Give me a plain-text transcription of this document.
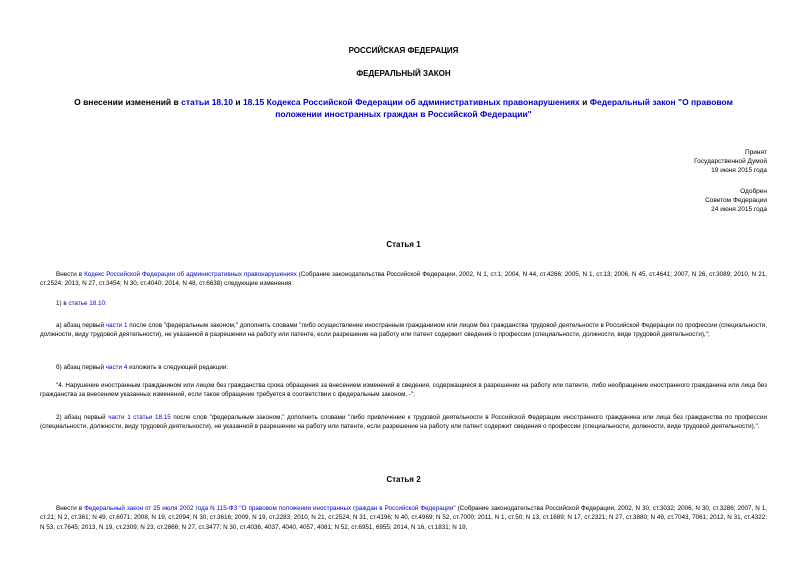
РОССИЙСКАЯ ФЕДЕРАЦИЯ
ФЕДЕРАЛЬНЫЙ ЗАКОН
О внесении изменений в статьи 18.10 и 18.15 Кодекса Российской Федерации об административных правонарушениях и Федеральный закон "О правовом положении иностранных граждан в Российской Федерации"
Принят
Государственной Думой
19 июня 2015 года
Одобрен
Советом Федерации
24 июня 2015 года
Статья 1
Внести в Кодекс Российской Федерации об административных правонарушениях (Собрание законодательства Российской Федерации, 2002, N 1, ст.1; 2004, N 44, ст.4266; 2005, N 1, ст.13; 2006, N 45, ст.4641; 2007, N 26, ст.3089; 2010, N 21, ст.2524; 2013, N 27, ст.3454; N 30, ст.4040; 2014, N 48, ст.6638) следующие изменения:
1) в статье 18.10:
а) абзац первый части 1 после слов "федеральным законом," дополнить словами "либо осуществление иностранным гражданином или лицом без гражданства трудовой деятельности в Российской Федерации по профессии (специальности, должности, виду трудовой деятельности), не указанной в разрешении на работу или патенте, если разрешение на работу или патент содержит сведения о профессии (специальности, должности, виде трудовой деятельности),";
б) абзац первый части 4 изложить в следующей редакции:
"4. Нарушение иностранным гражданином или лицом без гражданства срока обращения за внесением изменений в сведения, содержащиеся в разрешении на работу или патенте, либо необращение иностранного гражданина или лица без гражданства за внесением указанных изменений, если такое обращение требуется в соответствии с федеральным законом, -";
2) абзац первый части 1 статьи 18.15 после слов "федеральным законом," дополнить словами "либо привлечение к трудовой деятельности в Российской Федерации иностранного гражданина или лица без гражданства по профессии (специальности, должности, виду трудовой деятельности), не указанной в разрешении на работу или патенте, если разрешение на работу или патент содержит сведения о профессии (специальности, должности, виде трудовой деятельности),".
Статья 2
Внести в Федеральный закон от 25 июля 2002 года N 115-ФЗ "О правовом положении иностранных граждан в Российской Федерации" (Собрание законодательства Российской Федерации, 2002, N 30, ст.3032; 2006, N 30, ст.3286; 2007, N 1, ст.21; N 2, ст.361; N 49, ст.6071; 2008, N 19, ст.2094; N 30, ст.3616; 2009, N 19, ст.2283; 2010, N 21, ст.2524; N 31, ст.4196; N 40, ст.4969; N 52, ст.7000; 2011, N 1, ст.50; N 13, ст.1689; N 17, ст.2321; N 27, ст.3880; N 49, ст.7043, 7061; 2012, N 31, ст.4322; N 53, ст.7645; 2013, N 19, ст.2309; N 23, ст.2866; N 27, ст.3477; N 30, ст.4036, 4037, 4040, 4057, 4081; N 52, ст.6951, 6955; 2014, N 16, ст.1831; N 19,
